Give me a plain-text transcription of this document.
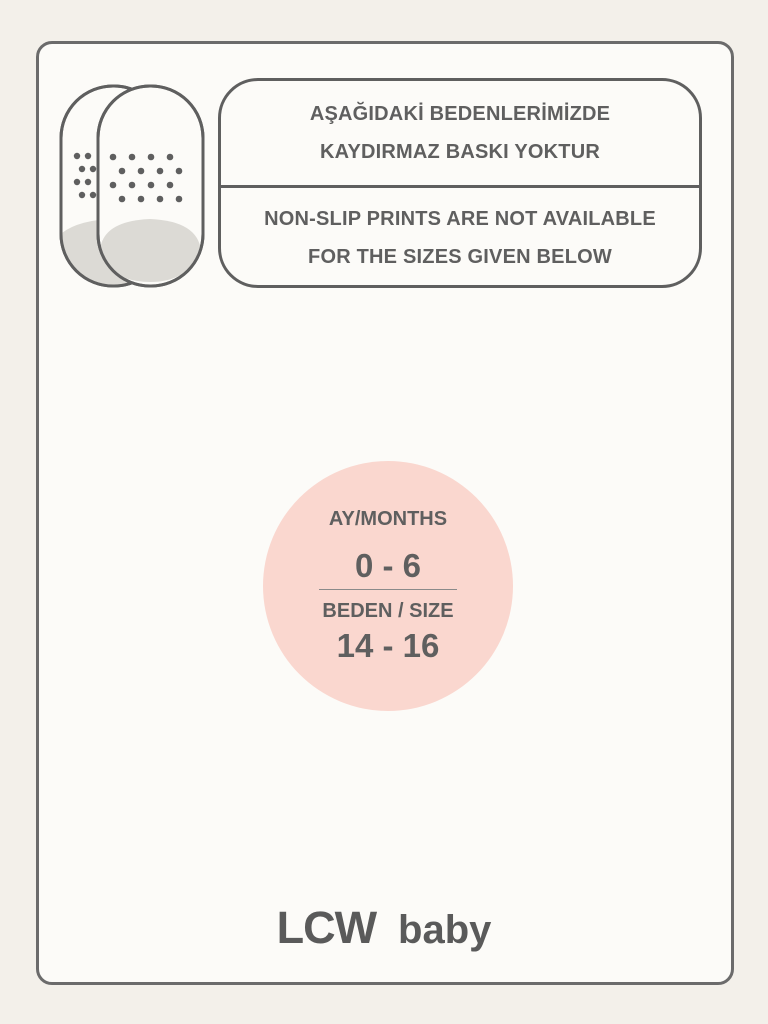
AŞAĞIDAKİ BEDENLERİMİZDE
KAYDIRMAZ BASKI YOKTUR
NON-SLIP PRINTS ARE NOT AVAILABLE
FOR THE SIZES GIVEN BELOW
AY/MONTHS
0 - 6
BEDEN / SIZE
14 - 16
LCW baby
